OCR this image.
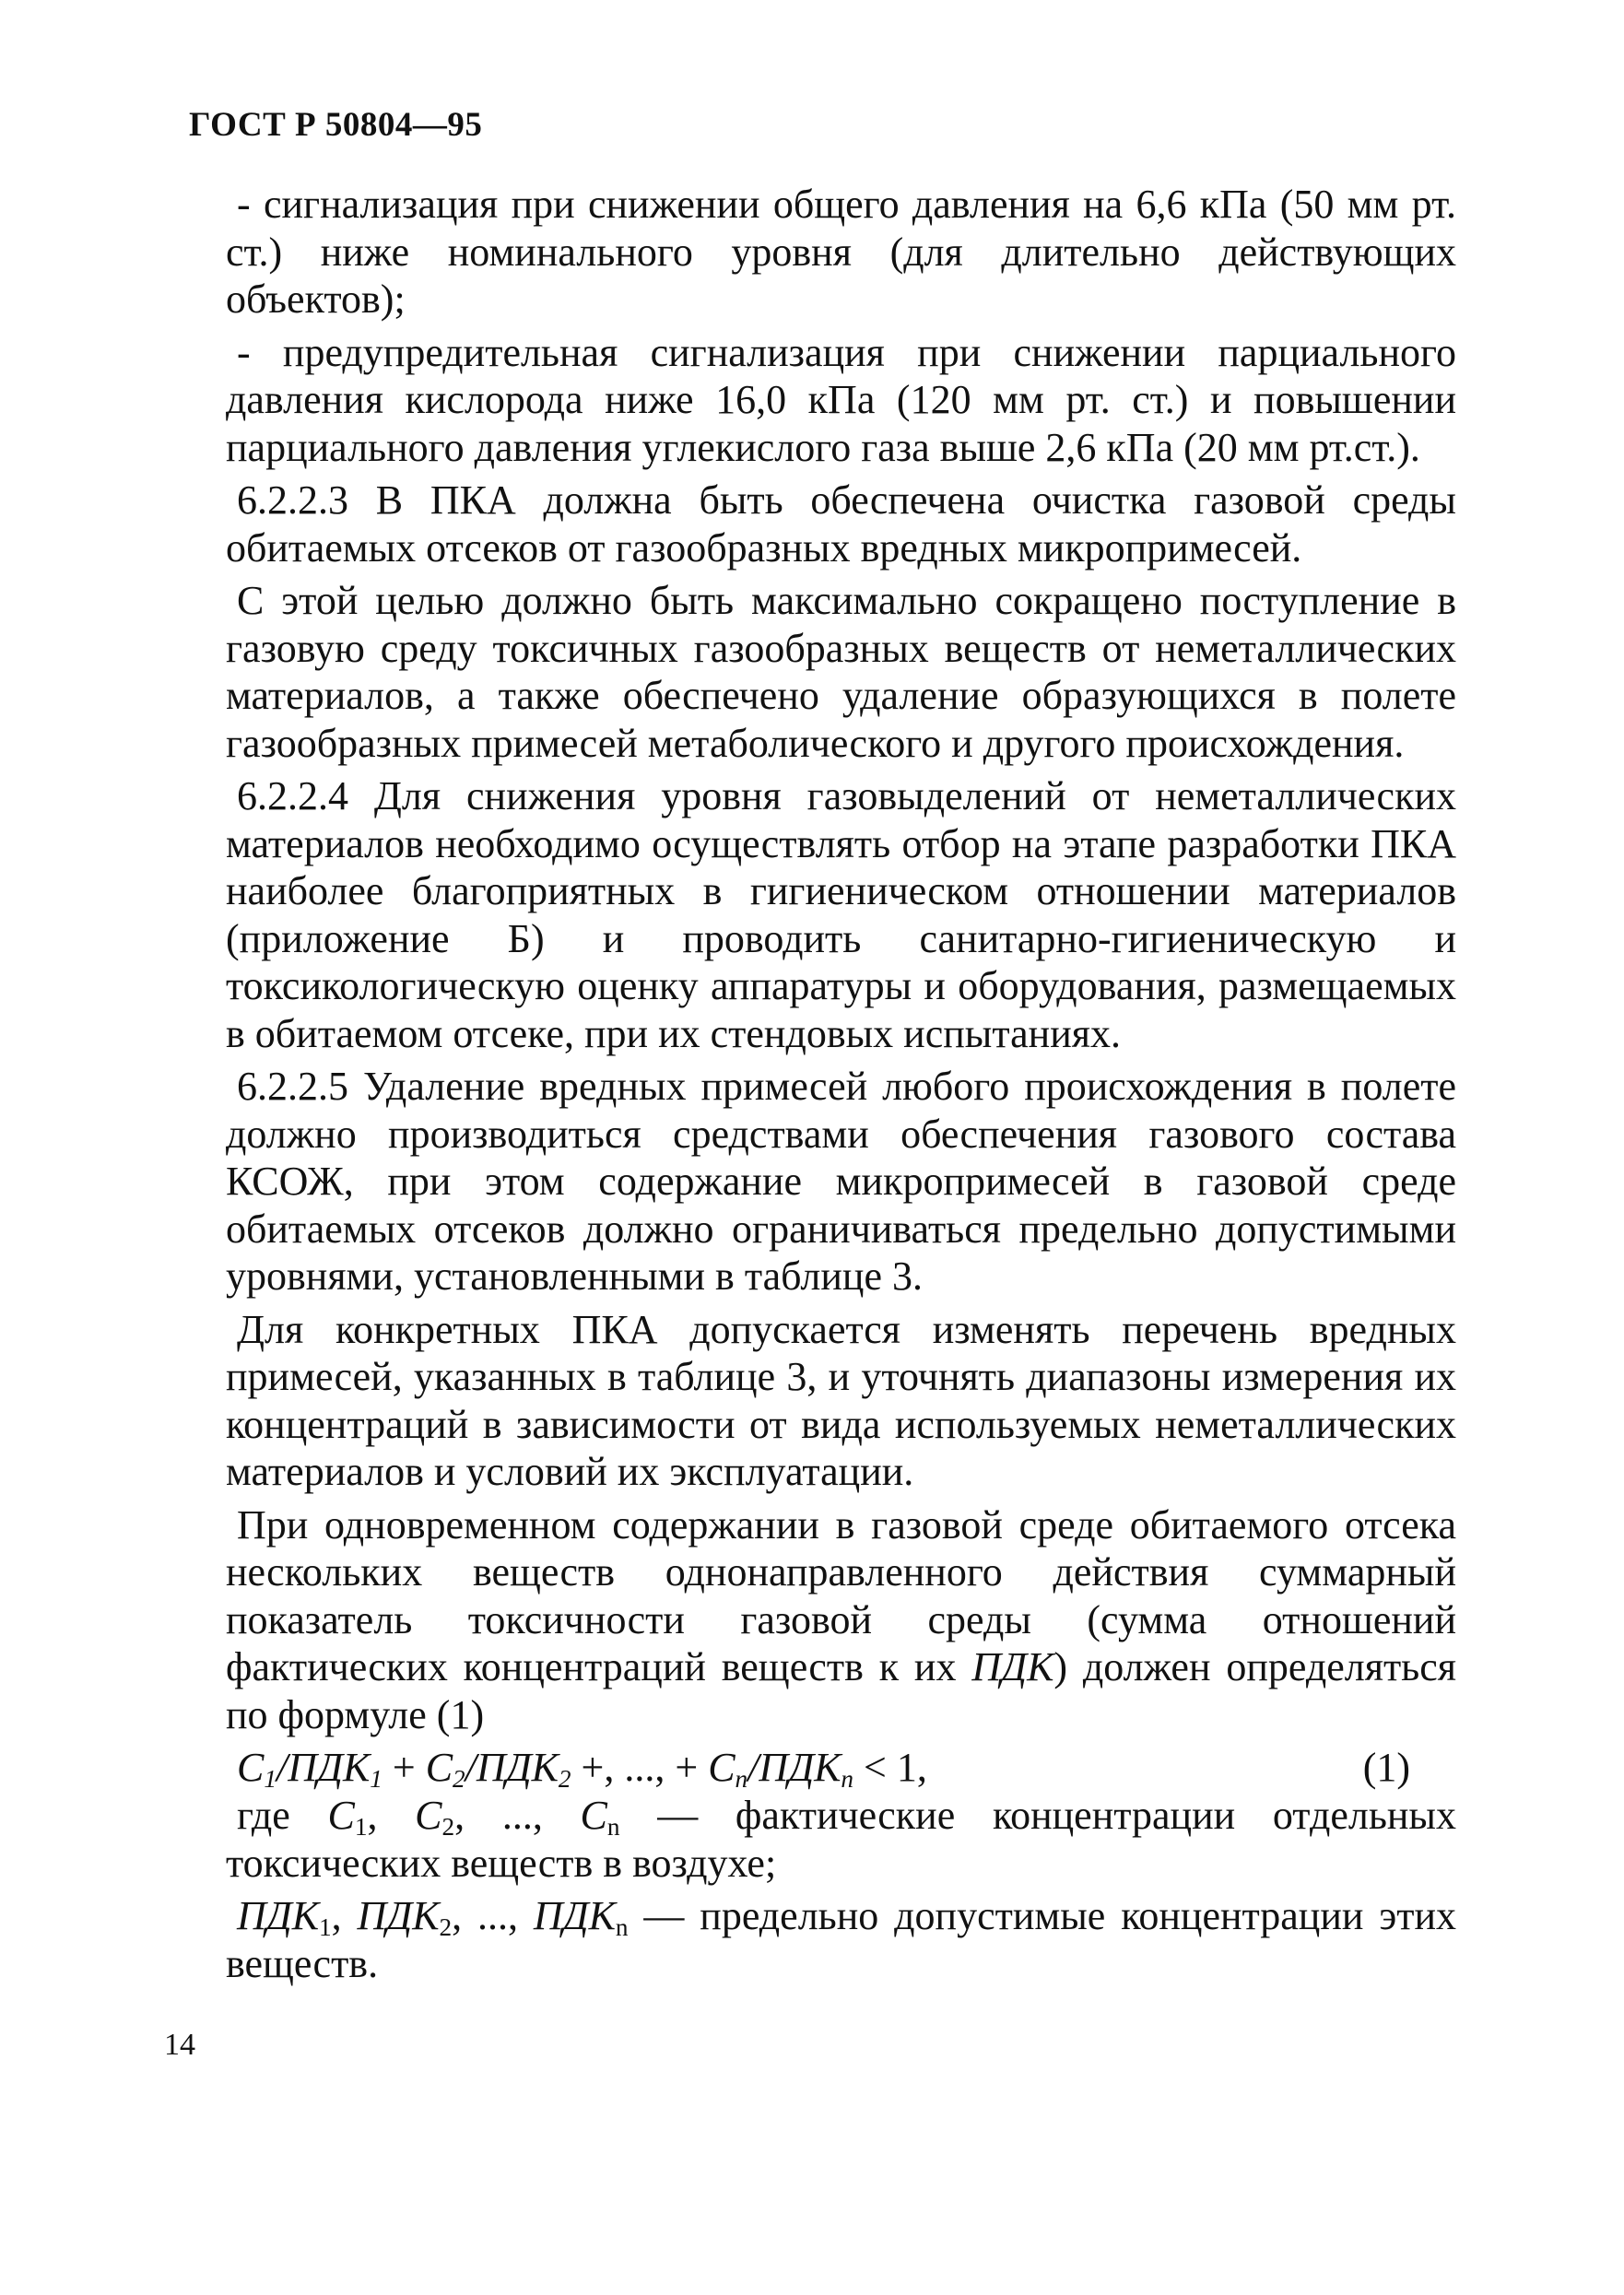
ГОСТ Р 50804—95

- сигнализация при снижении общего давления на 6,6 кПа (50 мм рт. ст.) ниже номинального уровня (для длительно действующих объектов);

- предупредительная сигнализация при снижении парциального давления кислорода ниже 16,0 кПа (120 мм рт. ст.) и повышении парциального давления углекислого газа выше 2,6 кПа (20 мм рт.ст.).

6.2.2.3 В ПКА должна быть обеспечена очистка газовой среды обитаемых отсеков от газообразных вредных микропримесей.

С этой целью должно быть максимально сокращено поступление в газовую среду токсичных газообразных веществ от неметаллических материалов, а также обеспечено удаление образующихся в полете газообразных примесей метаболического и другого происхождения.

6.2.2.4 Для снижения уровня газовыделений от неметаллических материалов необходимо осуществлять отбор на этапе разработки ПКА наиболее благоприятных в гигиеническом отношении материалов (приложение Б) и проводить санитарно-гигиеническую и токсикологическую оценку аппаратуры и оборудования, размещаемых в обитаемом отсеке, при их стендовых испытаниях.

6.2.2.5 Удаление вредных примесей любого происхождения в полете должно производиться средствами обеспечения газового состава КСОЖ, при этом содержание микропримесей в газовой среде обитаемых отсеков должно ограничиваться предельно допустимыми уровнями, установленными в таблице 3.

Для конкретных ПКА допускается изменять перечень вредных примесей, указанных в таблице 3, и уточнять диапазоны измерения их концентраций в зависимости от вида используемых неметаллических материалов и условий их эксплуатации.

При одновременном содержании в газовой среде обитаемого отсека нескольких веществ однонаправленного действия суммарный показатель токсичности газовой среды (сумма отношений фактических концентраций веществ к их ПДК) должен определяться по формуле (1)

$C_1/ПДК_1 + C_2/ПДК_2$ +, ..., + $C_n/ПДК_n < 1$,	(1)

где $C_1$, $C_2$, ..., $C_n$ — фактические концентрации отдельных токсических веществ в воздухе;

$ПДК_1$, $ПДК_2$, ..., $ПДК_n$ — предельно допустимые концентрации этих веществ.

14
